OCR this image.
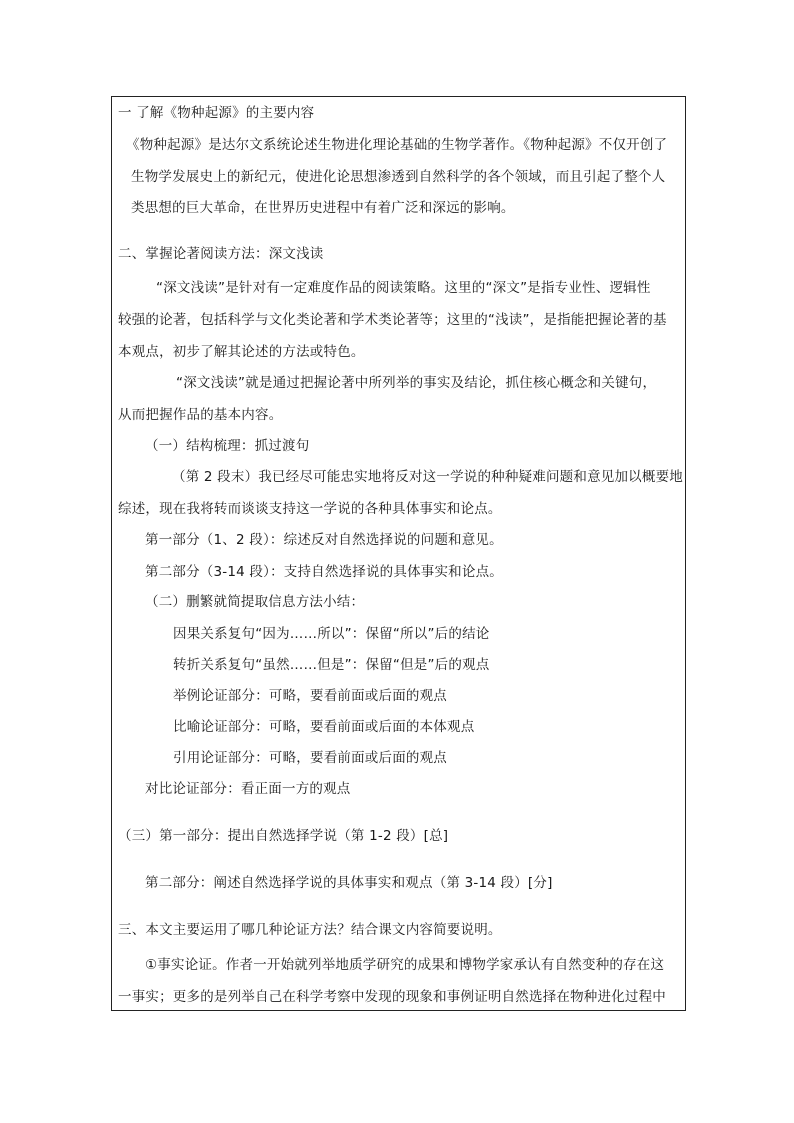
一 了解《物种起源》的主要内容
《物种起源》是达尔文系统论述生物进化理论基础的生物学著作。《物种起源》不仅开创了
生物学发展史上的新纪元，使进化论思想渗透到自然科学的各个领域，而且引起了整个人
类思想的巨大革命，在世界历史进程中有着广泛和深远的影响。
二、掌握论著阅读方法：深文浅读
“深文浅读”是针对有一定难度作品的阅读策略。这里的“深文”是指专业性、逻辑性
较强的论著，包括科学与文化类论著和学术类论著等；这里的“浅读”，是指能把握论著的基
本观点，初步了解其论述的方法或特色。
“深文浅读”就是通过把握论著中所列举的事实及结论，抓住核心概念和关键句，
从而把握作品的基本内容。
（一）结构梳理：抓过渡句
（第 2 段末）我已经尽可能忠实地将反对这一学说的种种疑难问题和意见加以概要地
综述，现在我将转而谈谈支持这一学说的各种具体事实和论点。
第一部分（1、2 段）：综述反对自然选择说的问题和意见。
第二部分（3-14 段）：支持自然选择说的具体事实和论点。
（二）删繁就简提取信息方法小结：
因果关系复句“因为……所以”：保留“所以”后的结论
转折关系复句“虽然……但是”：保留“但是”后的观点
举例论证部分：可略，要看前面或后面的观点
比喻论证部分：可略，要看前面或后面的本体观点
引用论证部分：可略，要看前面或后面的观点
对比论证部分：看正面一方的观点
（三）第一部分：提出自然选择学说（第 1-2 段）[总]
第二部分：阐述自然选择学说的具体事实和观点（第 3-14 段）[分]
三、本文主要运用了哪几种论证方法？结合课文内容简要说明。
①事实论证。作者一开始就列举地质学研究的成果和博物学家承认有自然变种的存在这
一事实；更多的是列举自己在科学考察中发现的现象和事例证明自然选择在物种进化过程中
